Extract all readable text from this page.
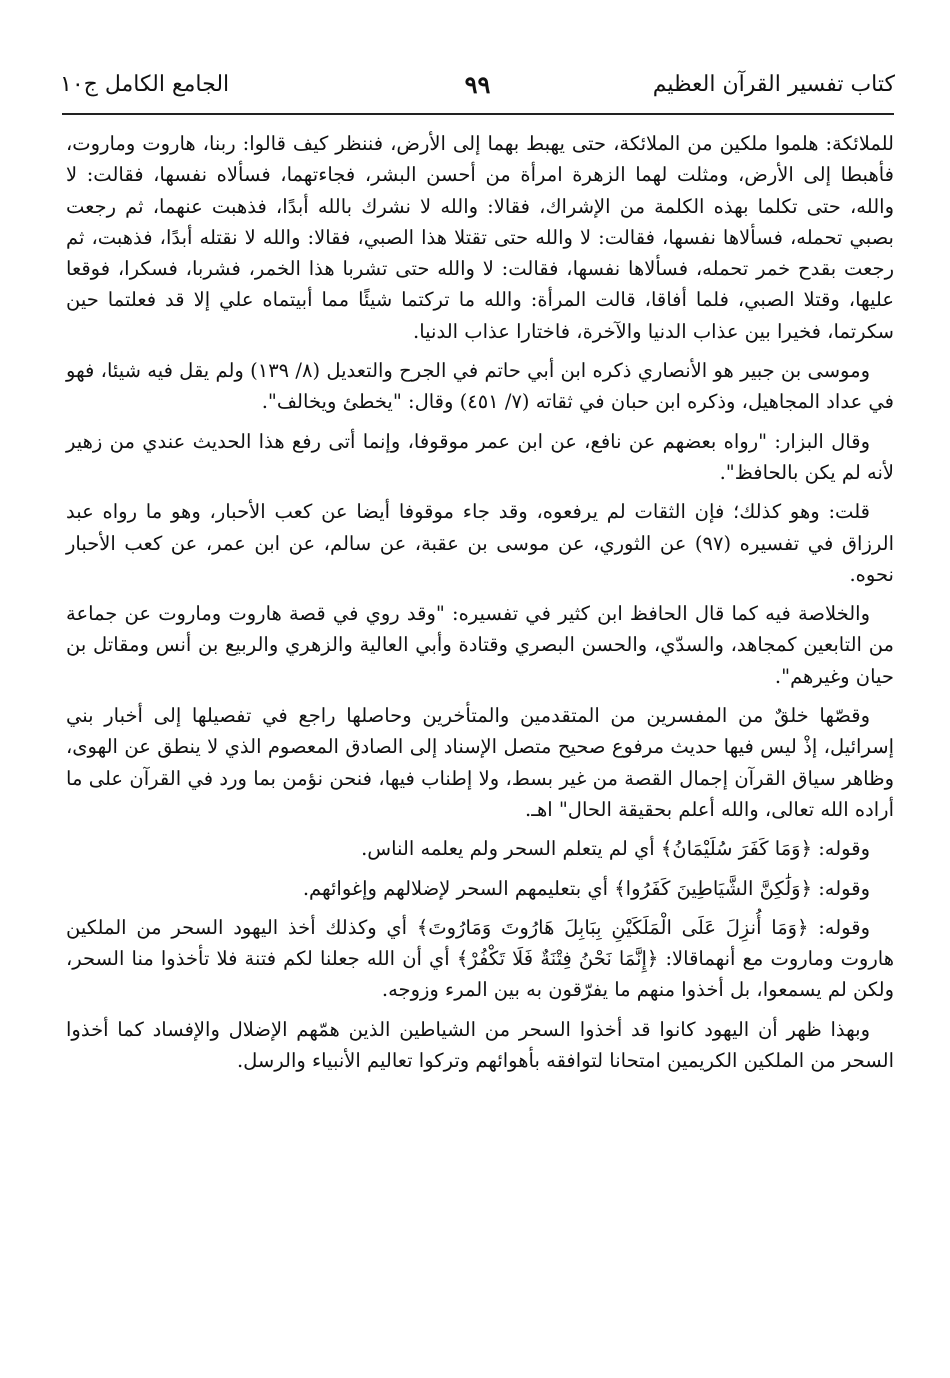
كتاب تفسير القرآن العظيم
٩٩
الجامع الكامل ج١٠

للملائكة: هلموا ملكين من الملائكة، حتى يهبط بهما إلى الأرض، فننظر كيف قالوا: ربنا، هاروت وماروت، فأهبطا إلى الأرض، ومثلت لهما الزهرة امرأة من أحسن البشر، فجاءتهما، فسألاه نفسها، فقالت: لا والله، حتى تكلما بهذه الكلمة من الإشراك، فقالا: والله لا نشرك بالله أبدًا، فذهبت عنهما، ثم رجعت بصبي تحمله، فسألاها نفسها، فقالت: لا والله حتى تقتلا هذا الصبي، فقالا: والله لا نقتله أبدًا، فذهبت، ثم رجعت بقدح خمر تحمله، فسألاها نفسها، فقالت: لا والله حتى تشربا هذا الخمر، فشربا، فسكرا، فوقعا عليها، وقتلا الصبي، فلما أفاقا، قالت المرأة: والله ما تركتما شيئًا مما أبيتماه علي إلا قد فعلتما حين سكرتما، فخيرا بين عذاب الدنيا والآخرة، فاختارا عذاب الدنيا.

وموسى بن جبير هو الأنصاري ذكره ابن أبي حاتم في الجرح والتعديل (٨/ ١٣٩) ولم يقل فيه شيئا، فهو في عداد المجاهيل، وذكره ابن حبان في ثقاته (٧/ ٤٥١) وقال: "يخطئ ويخالف".

وقال البزار: "رواه بعضهم عن نافع، عن ابن عمر موقوفا، وإنما أتى رفع هذا الحديث عندي من زهير لأنه لم يكن بالحافظ".

قلت: وهو كذلك؛ فإن الثقات لم يرفعوه، وقد جاء موقوفا أيضا عن كعب الأحبار، وهو ما رواه عبد الرزاق في تفسيره (٩٧) عن الثوري، عن موسى بن عقبة، عن سالم، عن ابن عمر، عن كعب الأحبار نحوه.

والخلاصة فيه كما قال الحافظ ابن كثير في تفسيره: "وقد روي في قصة هاروت وماروت عن جماعة من التابعين كمجاهد، والسدّي، والحسن البصري وقتادة وأبي العالية والزهري والربيع بن أنس ومقاتل بن حيان وغيرهم".

وقصّها خلقٌ من المفسرين من المتقدمين والمتأخرين وحاصلها راجع في تفصيلها إلى أخبار بني إسرائيل، إذْ ليس فيها حديث مرفوع صحيح متصل الإسناد إلى الصادق المعصوم الذي لا ينطق عن الهوى، وظاهر سياق القرآن إجمال القصة من غير بسط، ولا إطناب فيها، فنحن نؤمن بما ورد في القرآن على ما أراده الله تعالى، والله أعلم بحقيقة الحال" اهـ.

وقوله: ﴿وَمَا كَفَرَ سُلَيْمَانُ﴾ أي لم يتعلم السحر ولم يعلمه الناس.

وقوله: ﴿وَلَٰكِنَّ الشَّيَاطِينَ كَفَرُوا﴾ أي بتعليمهم السحر لإضلالهم وإغوائهم.

وقوله: ﴿وَمَا أُنزِلَ عَلَى الْمَلَكَيْنِ بِبَابِلَ هَارُوتَ وَمَارُوتَ﴾ أي وكذلك أخذ اليهود السحر من الملكين هاروت وماروت مع أنهماقالا: ﴿إِنَّمَا نَحْنُ فِتْنَةٌ فَلَا تَكْفُرْ﴾ أي أن الله جعلنا لكم فتنة فلا تأخذوا منا السحر، ولكن لم يسمعوا، بل أخذوا منهم ما يفرّقون به بين المرء وزوجه.

وبهذا ظهر أن اليهود كانوا قد أخذوا السحر من الشياطين الذين همّهم الإضلال والإفساد كما أخذوا السحر من الملكين الكريمين امتحانا لتوافقه بأهوائهم وتركوا تعاليم الأنبياء والرسل.
